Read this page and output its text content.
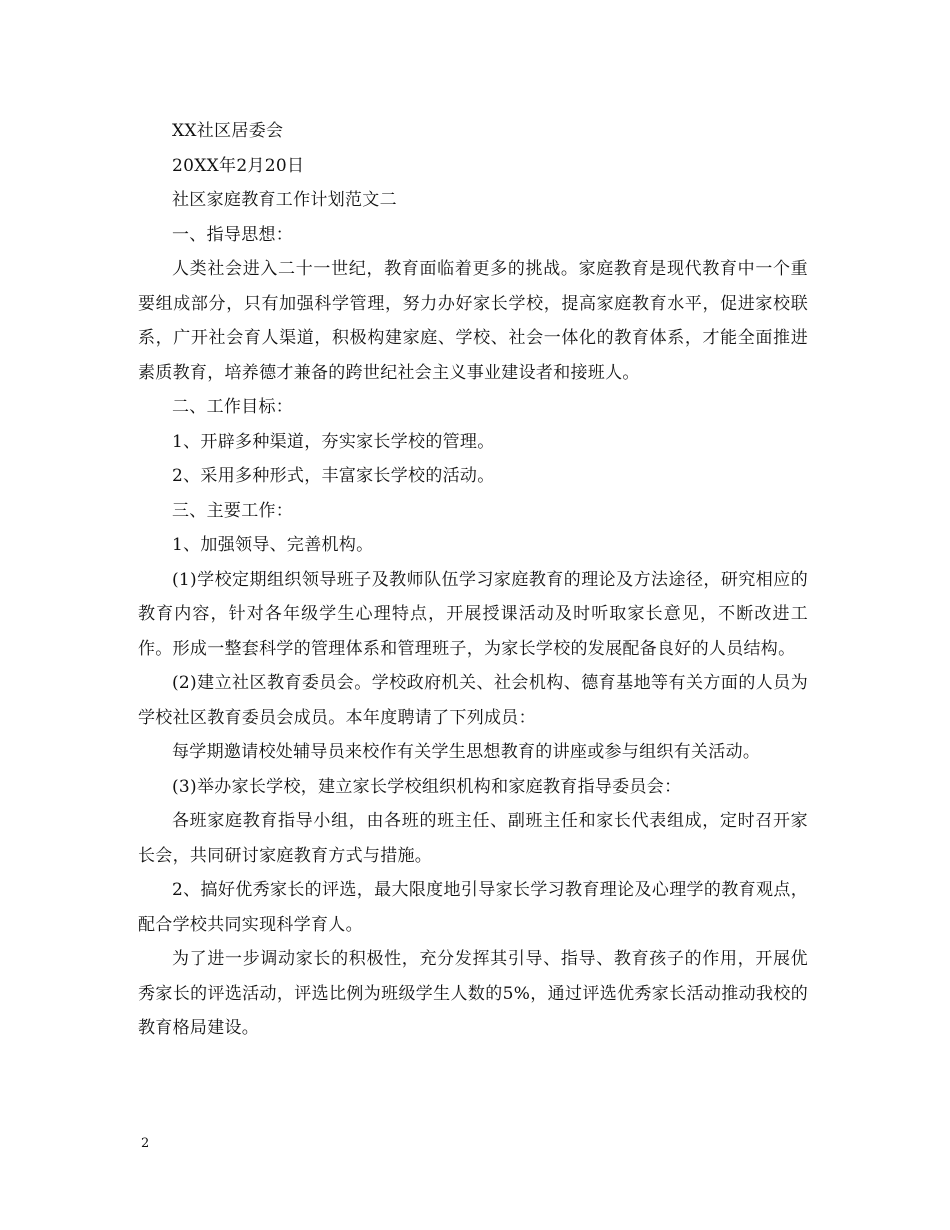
XX社区居委会

20XX年2月20日

社区家庭教育工作计划范文二

一、指导思想：

人类社会进入二十一世纪，教育面临着更多的挑战。家庭教育是现代教育中一个重要组成部分，只有加强科学管理，努力办好家长学校，提高家庭教育水平，促进家校联系，广开社会育人渠道，积极构建家庭、学校、社会一体化的教育体系，才能全面推进素质教育，培养德才兼备的跨世纪社会主义事业建设者和接班人。

二、工作目标：

1、开辟多种渠道，夯实家长学校的管理。

2、采用多种形式，丰富家长学校的活动。

三、主要工作：

1、加强领导、完善机构。

(1)学校定期组织领导班子及教师队伍学习家庭教育的理论及方法途径，研究相应的教育内容，针对各年级学生心理特点，开展授课活动及时听取家长意见，不断改进工作。形成一整套科学的管理体系和管理班子，为家长学校的发展配备良好的人员结构。

(2)建立社区教育委员会。学校政府机关、社会机构、德育基地等有关方面的人员为学校社区教育委员会成员。本年度聘请了下列成员：

每学期邀请校处辅导员来校作有关学生思想教育的讲座或参与组织有关活动。

(3)举办家长学校，建立家长学校组织机构和家庭教育指导委员会：

各班家庭教育指导小组，由各班的班主任、副班主任和家长代表组成，定时召开家长会，共同研讨家庭教育方式与措施。

2、搞好优秀家长的评选，最大限度地引导家长学习教育理论及心理学的教育观点，配合学校共同实现科学育人。

为了进一步调动家长的积极性，充分发挥其引导、指导、教育孩子的作用，开展优秀家长的评选活动，评选比例为班级学生人数的5%，通过评选优秀家长活动推动我校的教育格局建设。

2
